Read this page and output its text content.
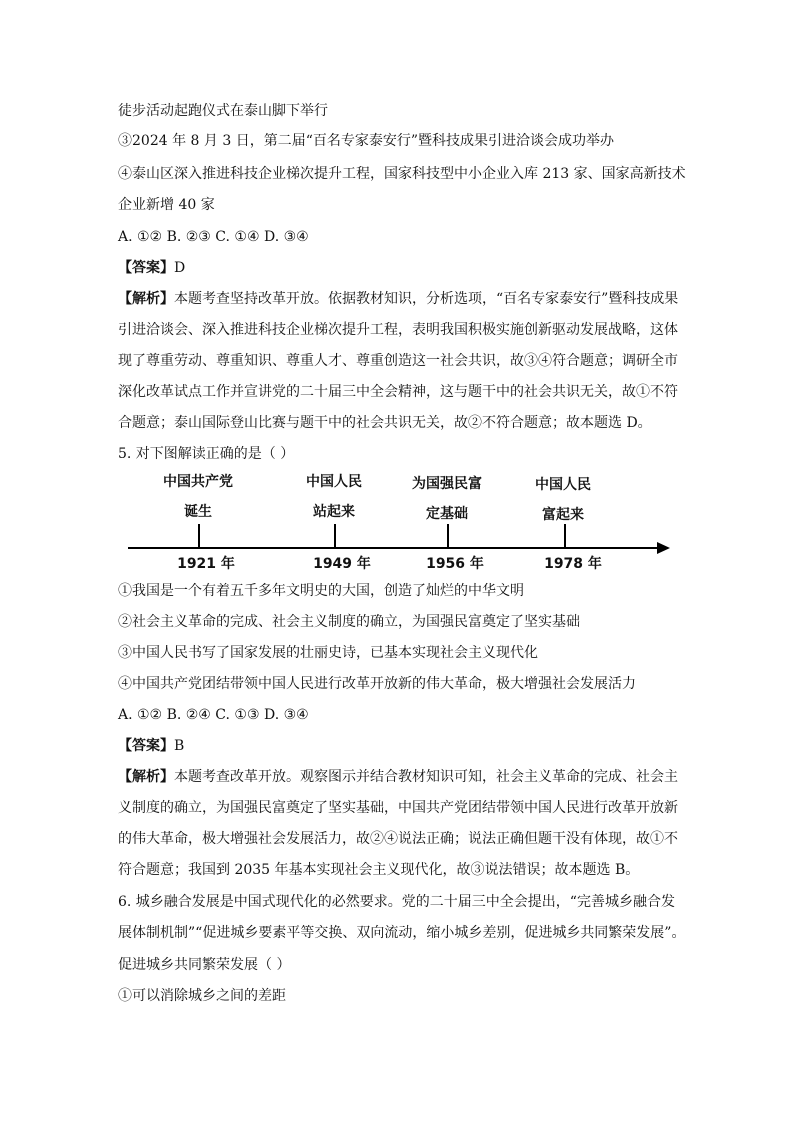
徒步活动起跑仪式在泰山脚下举行
③2024 年 8 月 3 日，第二届“百名专家泰安行”暨科技成果引进洽谈会成功举办
④泰山区深入推进科技企业梯次提升工程，国家科技型中小企业入库 213 家、国家高新技术
企业新增 40 家
A. ①② B. ②③ C. ①④ D. ③④
【答案】D
【解析】本题考查坚持改革开放。依据教材知识，分析选项，“百名专家泰安行”暨科技成果
引进洽谈会、深入推进科技企业梯次提升工程，表明我国积极实施创新驱动发展战略，这体
现了尊重劳动、尊重知识、尊重人才、尊重创造这一社会共识，故③④符合题意；调研全市
深化改革试点工作并宣讲党的二十届三中全会精神，这与题干中的社会共识无关，故①不符
合题意；泰山国际登山比赛与题干中的社会共识无关，故②不符合题意；故本题选 D。
5. 对下图解读正确的是（ ）
中国共产党
诞生
中国人民
站起来
为国强民富
定基础
中国人民
富起来
1921 年	1949 年	1956 年	1978 年
①我国是一个有着五千多年文明史的大国，创造了灿烂的中华文明
②社会主义革命的完成、社会主义制度的确立，为国强民富奠定了坚实基础
③中国人民书写了国家发展的壮丽史诗，已基本实现社会主义现代化
④中国共产党团结带领中国人民进行改革开放新的伟大革命，极大增强社会发展活力
A. ①② B. ②④ C. ①③ D. ③④
【答案】B
【解析】本题考查改革开放。观察图示并结合教材知识可知，社会主义革命的完成、社会主
义制度的确立，为国强民富奠定了坚实基础，中国共产党团结带领中国人民进行改革开放新
的伟大革命，极大增强社会发展活力，故②④说法正确；说法正确但题干没有体现，故①不
符合题意；我国到 2035 年基本实现社会主义现代化，故③说法错误；故本题选 B。
6. 城乡融合发展是中国式现代化的必然要求。党的二十届三中全会提出，“完善城乡融合发
展体制机制”“促进城乡要素平等交换、双向流动，缩小城乡差别，促进城乡共同繁荣发展”。
促进城乡共同繁荣发展（ ）
①可以消除城乡之间的差距
